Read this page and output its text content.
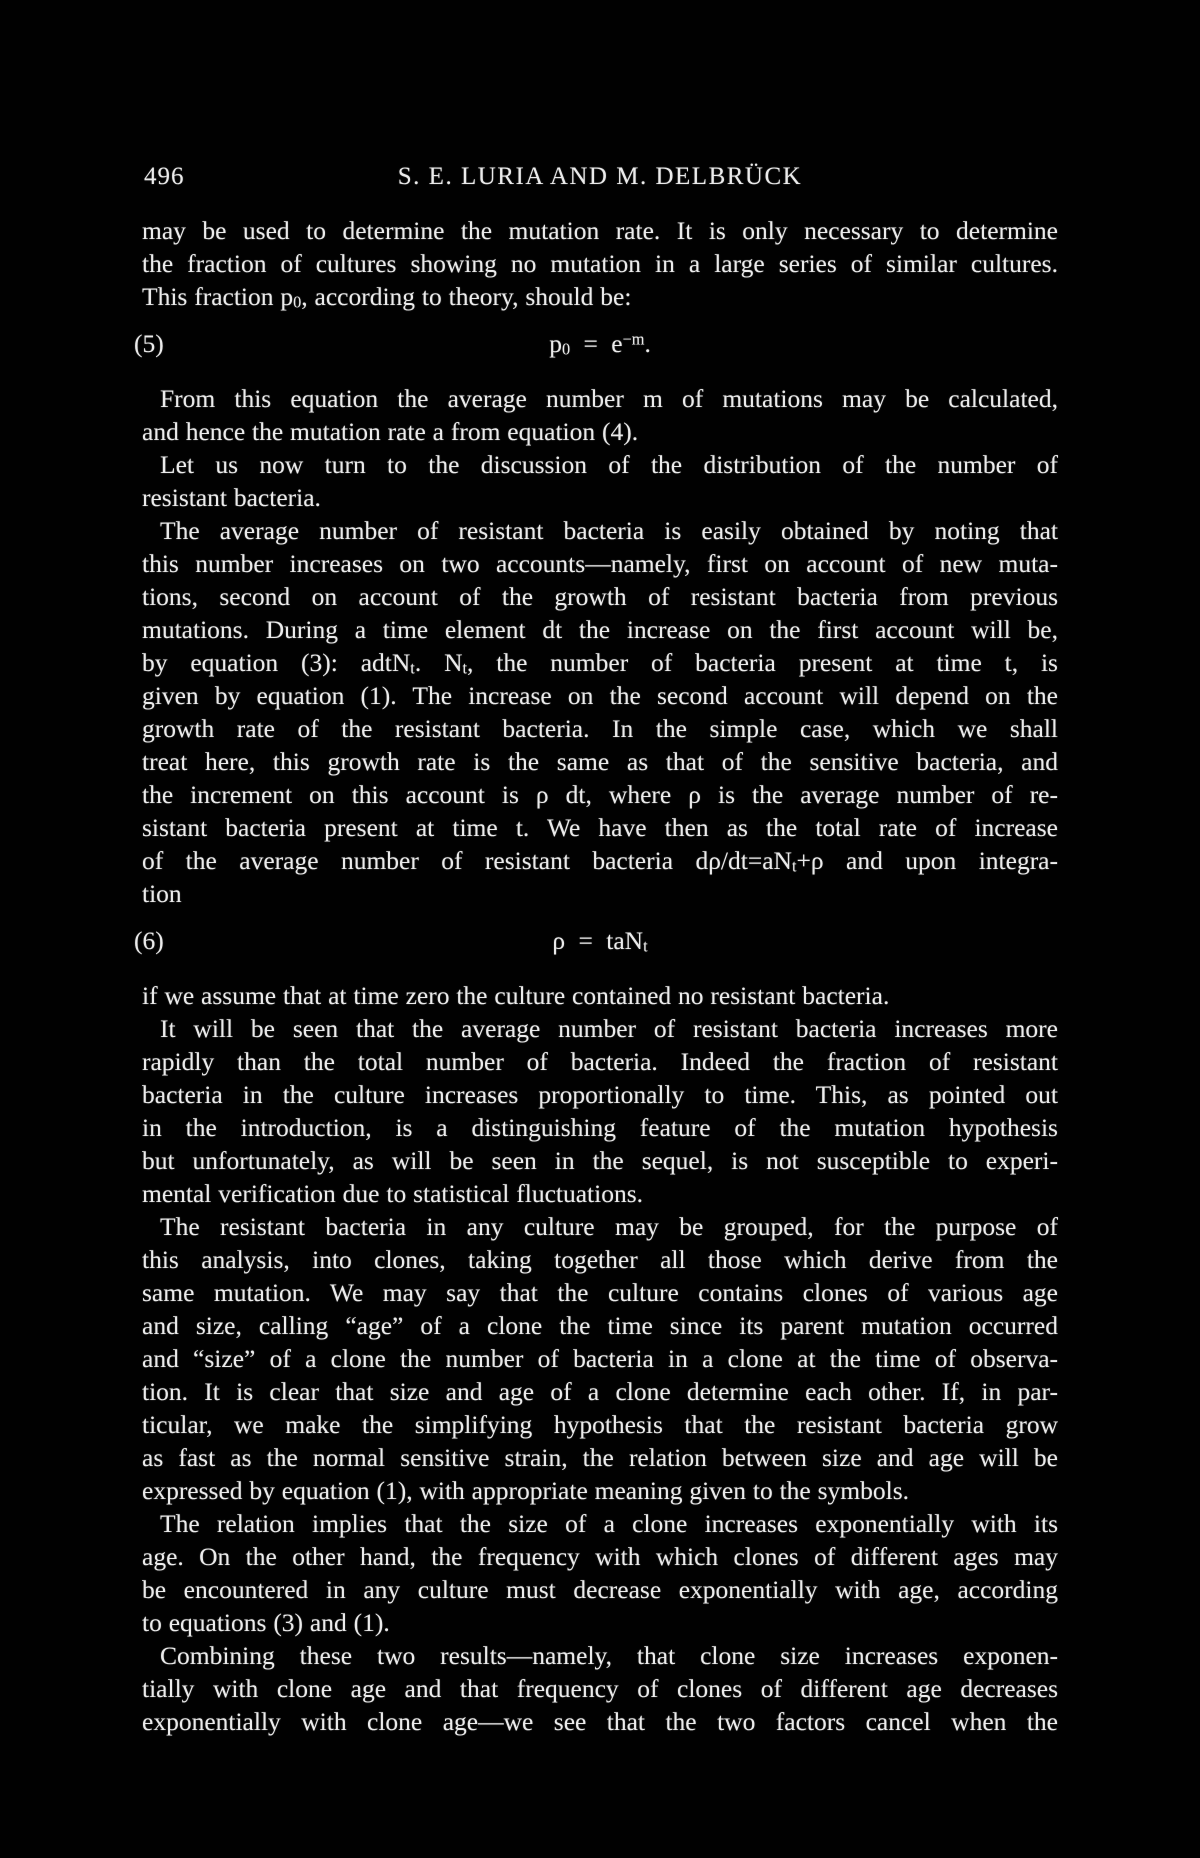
496	S. E. LURIA AND M. DELBRÜCK
may be used to determine the mutation rate. It is only necessary to determine
the fraction of cultures showing no mutation in a large series of similar cultures.
This fraction $p_0$, according to theory, should be:
(5)	$p_0 = e^{-m}$.
From this equation the average number m of mutations may be calculated,
and hence the mutation rate a from equation (4).
Let us now turn to the discussion of the distribution of the number of
resistant bacteria.
The average number of resistant bacteria is easily obtained by noting that
this number increases on two accounts—namely, first on account of new muta-
tions, second on account of the growth of resistant bacteria from previous
mutations. During a time element dt the increase on the first account will be,
by equation (3): adtN$_t$. $N_t$, the number of bacteria present at time t, is
given by equation (1). The increase on the second account will depend on the
growth rate of the resistant bacteria. In the simple case, which we shall
treat here, this growth rate is the same as that of the sensitive bacteria, and
the increment on this account is ρ dt, where ρ is the average number of re-
sistant bacteria present at time t. We have then as the total rate of increase
of the average number of resistant bacteria $d\rho/dt=aN_t+\rho$ and upon integra-
tion
(6)	ρ = taN$_t$
if we assume that at time zero the culture contained no resistant bacteria.
It will be seen that the average number of resistant bacteria increases more
rapidly than the total number of bacteria. Indeed the fraction of resistant
bacteria in the culture increases proportionally to time. This, as pointed out
in the introduction, is a distinguishing feature of the mutation hypothesis
but unfortunately, as will be seen in the sequel, is not susceptible to experi-
mental verification due to statistical fluctuations.
The resistant bacteria in any culture may be grouped, for the purpose of
this analysis, into clones, taking together all those which derive from the
same mutation. We may say that the culture contains clones of various age
and size, calling “age” of a clone the time since its parent mutation occurred
and “size” of a clone the number of bacteria in a clone at the time of observa-
tion. It is clear that size and age of a clone determine each other. If, in par-
ticular, we make the simplifying hypothesis that the resistant bacteria grow
as fast as the normal sensitive strain, the relation between size and age will be
expressed by equation (1), with appropriate meaning given to the symbols.
The relation implies that the size of a clone increases exponentially with its
age. On the other hand, the frequency with which clones of different ages may
be encountered in any culture must decrease exponentially with age, according
to equations (3) and (1).
Combining these two results—namely, that clone size increases exponen-
tially with clone age and that frequency of clones of different age decreases
exponentially with clone age—we see that the two factors cancel when the
